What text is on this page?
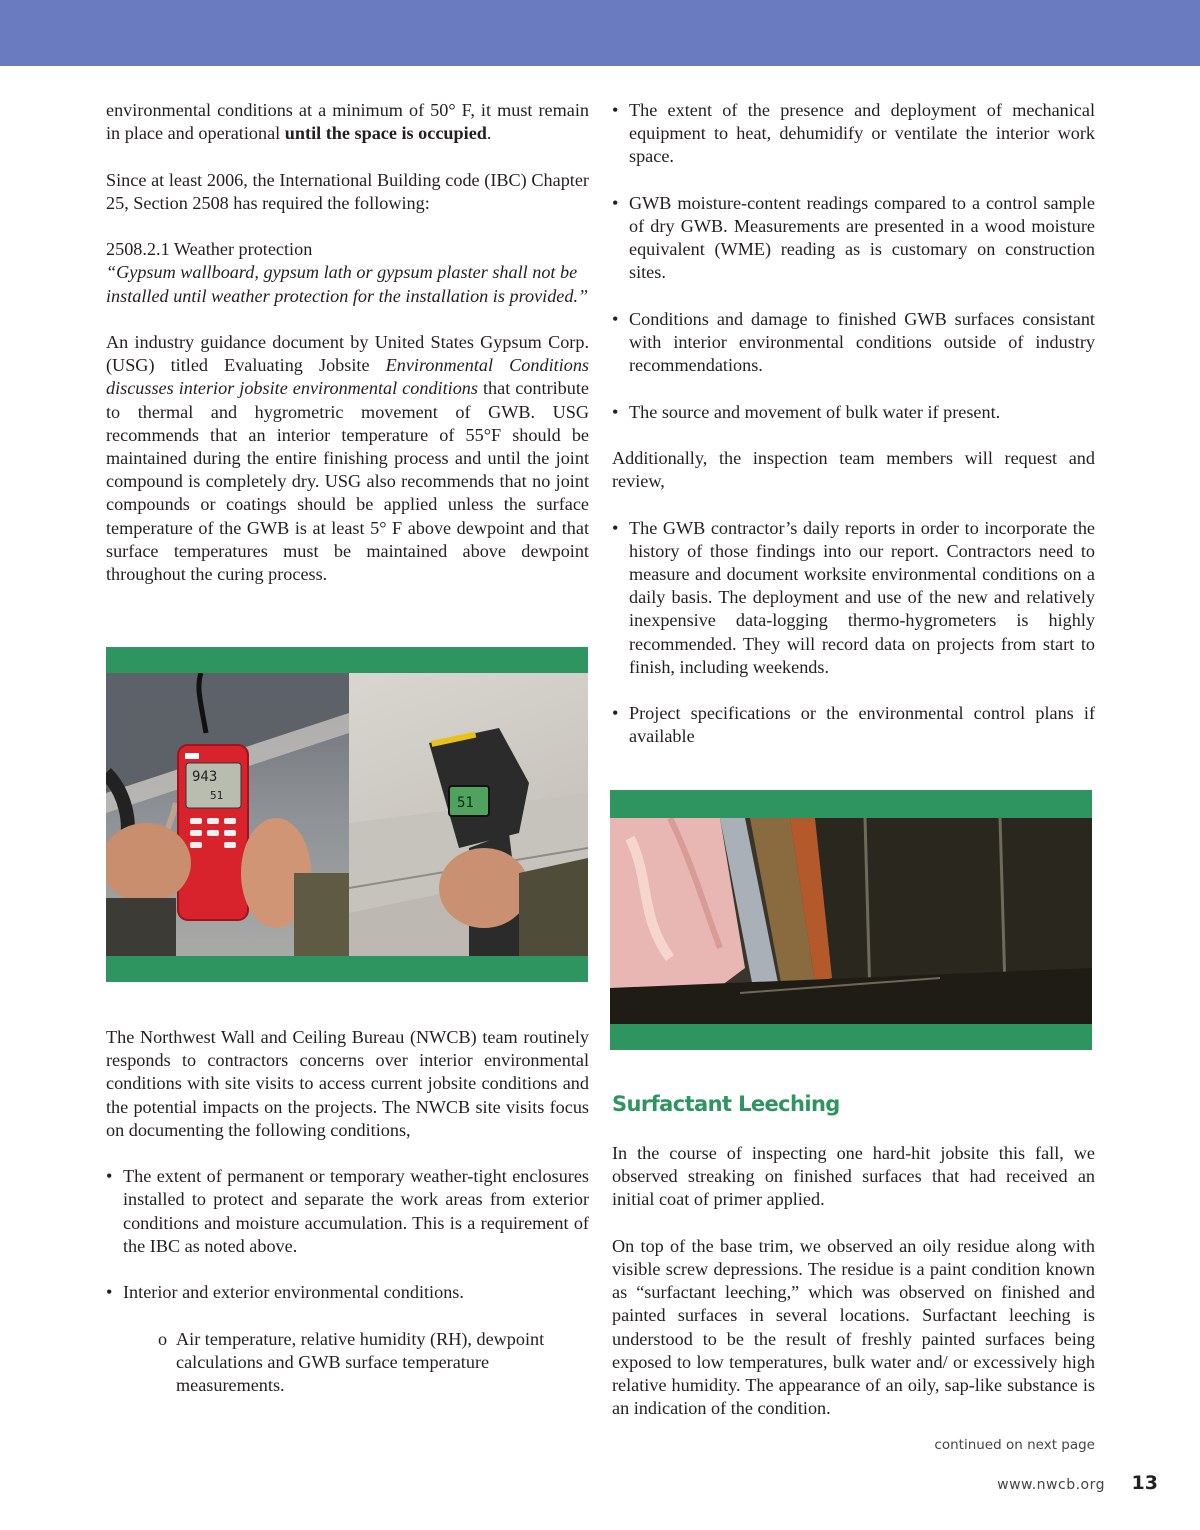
environmental conditions at a minimum of 50° F, it must remain in place and operational until the space is occupied.

Since at least 2006, the International Building code (IBC) Chapter 25, Section 2508 has required the following:

2508.2.1 Weather protection
“Gypsum wallboard, gypsum lath or gypsum plaster shall not be installed until weather protection for the installation is provided.”

An industry guidance document by United States Gypsum Corp. (USG) titled Evaluating Jobsite Environmental Conditions discusses interior jobsite environmental conditions that contribute to thermal and hygrometric movement of GWB. USG recommends that an interior temperature of 55°F should be maintained during the entire finishing process and until the joint compound is completely dry. USG also recommends that no joint compounds or coatings should be applied unless the surface temperature of the GWB is at least 5° F above dewpoint and that surface temperatures must be maintained above dewpoint throughout the curing process.

943
51	51

The Northwest Wall and Ceiling Bureau (NWCB) team routinely responds to contractors concerns over interior environmental conditions with site visits to access current jobsite conditions and the potential impacts on the projects. The NWCB site visits focus on documenting the following conditions,

• The extent of permanent or temporary weather-tight enclosures installed to protect and separate the work areas from exterior conditions and moisture accumulation. This is a requirement of the IBC as noted above.
• Interior and exterior environmental conditions.
o Air temperature, relative humidity (RH), dewpoint calculations and GWB surface temperature measurements.
• The extent of the presence and deployment of mechanical equipment to heat, dehumidify or ventilate the interior work space.
• GWB moisture-content readings compared to a control sample of dry GWB. Measurements are presented in a wood moisture equivalent (WME) reading as is customary on construction sites.
• Conditions and damage to finished GWB surfaces consistant with interior environmental conditions outside of industry recommendations.
• The source and movement of bulk water if present.

Additionally, the inspection team members will request and review,

• The GWB contractor’s daily reports in order to incorporate the history of those findings into our report. Contractors need to measure and document worksite environmental conditions on a daily basis. The deployment and use of the new and relatively inexpensive data-logging thermo-hygrometers is highly recommended. They will record data on projects from start to finish, including weekends.
• Project specifications or the environmental control plans if available
Surfactant Leeching

In the course of inspecting one hard-hit jobsite this fall, we observed streaking on finished surfaces that had received an initial coat of primer applied.

On top of the base trim, we observed an oily residue along with visible screw depressions. The residue is a paint condition known as “surfactant leeching,” which was observed on finished and painted surfaces in several locations. Surfactant leeching is understood to be the result of freshly painted surfaces being exposed to low temperatures, bulk water and/ or excessively high relative humidity. The appearance of an oily, sap-like substance is an indication of the condition.

continued on next page
www.nwcb.org	13
